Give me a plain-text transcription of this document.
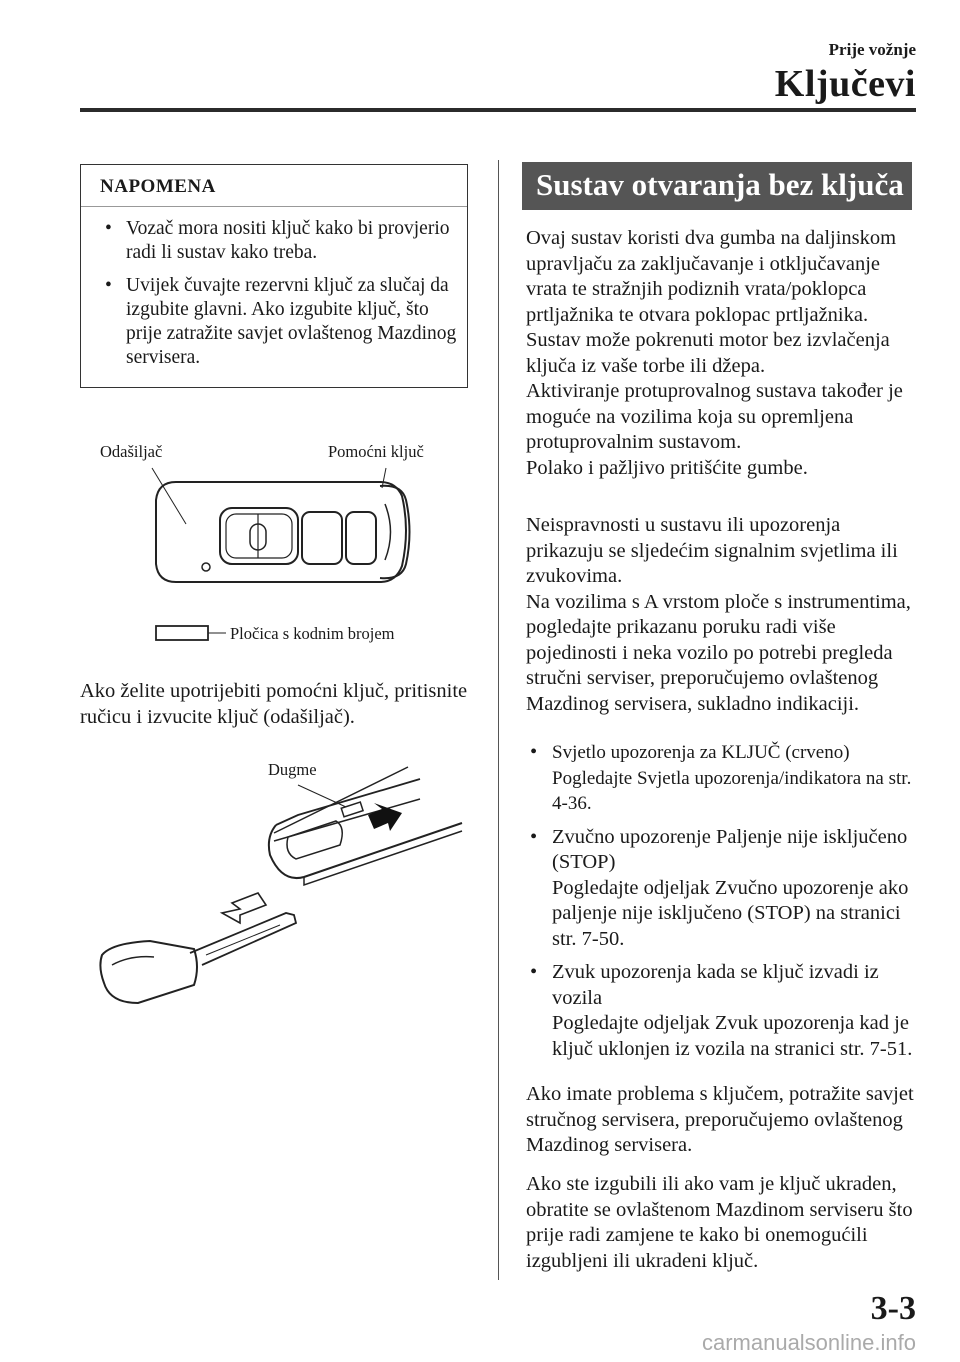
Prije vožnje
Ključevi
NAPOMENA
• Vozač mora nositi ključ kako bi provjerio radi li sustav kako treba.
• Uvijek čuvajte rezervni ključ za slučaj da izgubite glavni. Ako izgubite ključ, što prije zatražite savjet ovlaštenog Mazdinog servisera.
Odašiljač	Pomoćni ključ
Pločica s kodnim brojem
Ako želite upotrijebiti pomoćni ključ, pritisnite ručicu i izvucite ključ (odašiljač).
Dugme
Sustav otvaranja bez ključa
Ovaj sustav koristi dva gumba na daljinskom upravljaču za zaključavanje i otključavanje vrata te stražnjih podiznih vrata/poklopca prtljažnika te otvara poklopac prtljažnika.
Sustav može pokrenuti motor bez izvlačenja ključa iz vaše torbe ili džepa.
Aktiviranje protuprovalnog sustava također je moguće na vozilima koja su opremljena protuprovalnim sustavom.
Polako i pažljivo pritišćite gumbe.
Neispravnosti u sustavu ili upozorenja prikazuju se sljedećim signalnim svjetlima ili zvukovima.
Na vozilima s A vrstom ploče s instrumentima, pogledajte prikazanu poruku radi više pojedinosti i neka vozilo po potrebi pregleda stručni serviser, preporučujemo ovlaštenog Mazdinog servisera, sukladno indikaciji.
• Svjetlo upozorenja za KLJUČ (crveno)
Pogledajte Svjetla upozorenja/indikatora na str. 4-36.
• Zvučno upozorenje Paljenje nije isključeno (STOP)
Pogledajte odjeljak Zvučno upozorenje ako paljenje nije isključeno (STOP) na stranici str. 7-50.
• Zvuk upozorenja kada se ključ izvadi iz vozila
Pogledajte odjeljak Zvuk upozorenja kad je ključ uklonjen iz vozila na stranici str. 7-51.
Ako imate problema s ključem, potražite savjet stručnog servisera, preporučujemo ovlaštenog Mazdinog servisera.
Ako ste izgubili ili ako vam je ključ ukraden, obratite se ovlaštenom Mazdinom serviseru što prije radi zamjene te kako bi onemogućili izgubljeni ili ukradeni ključ.
3-3
carmanualsonline.info
